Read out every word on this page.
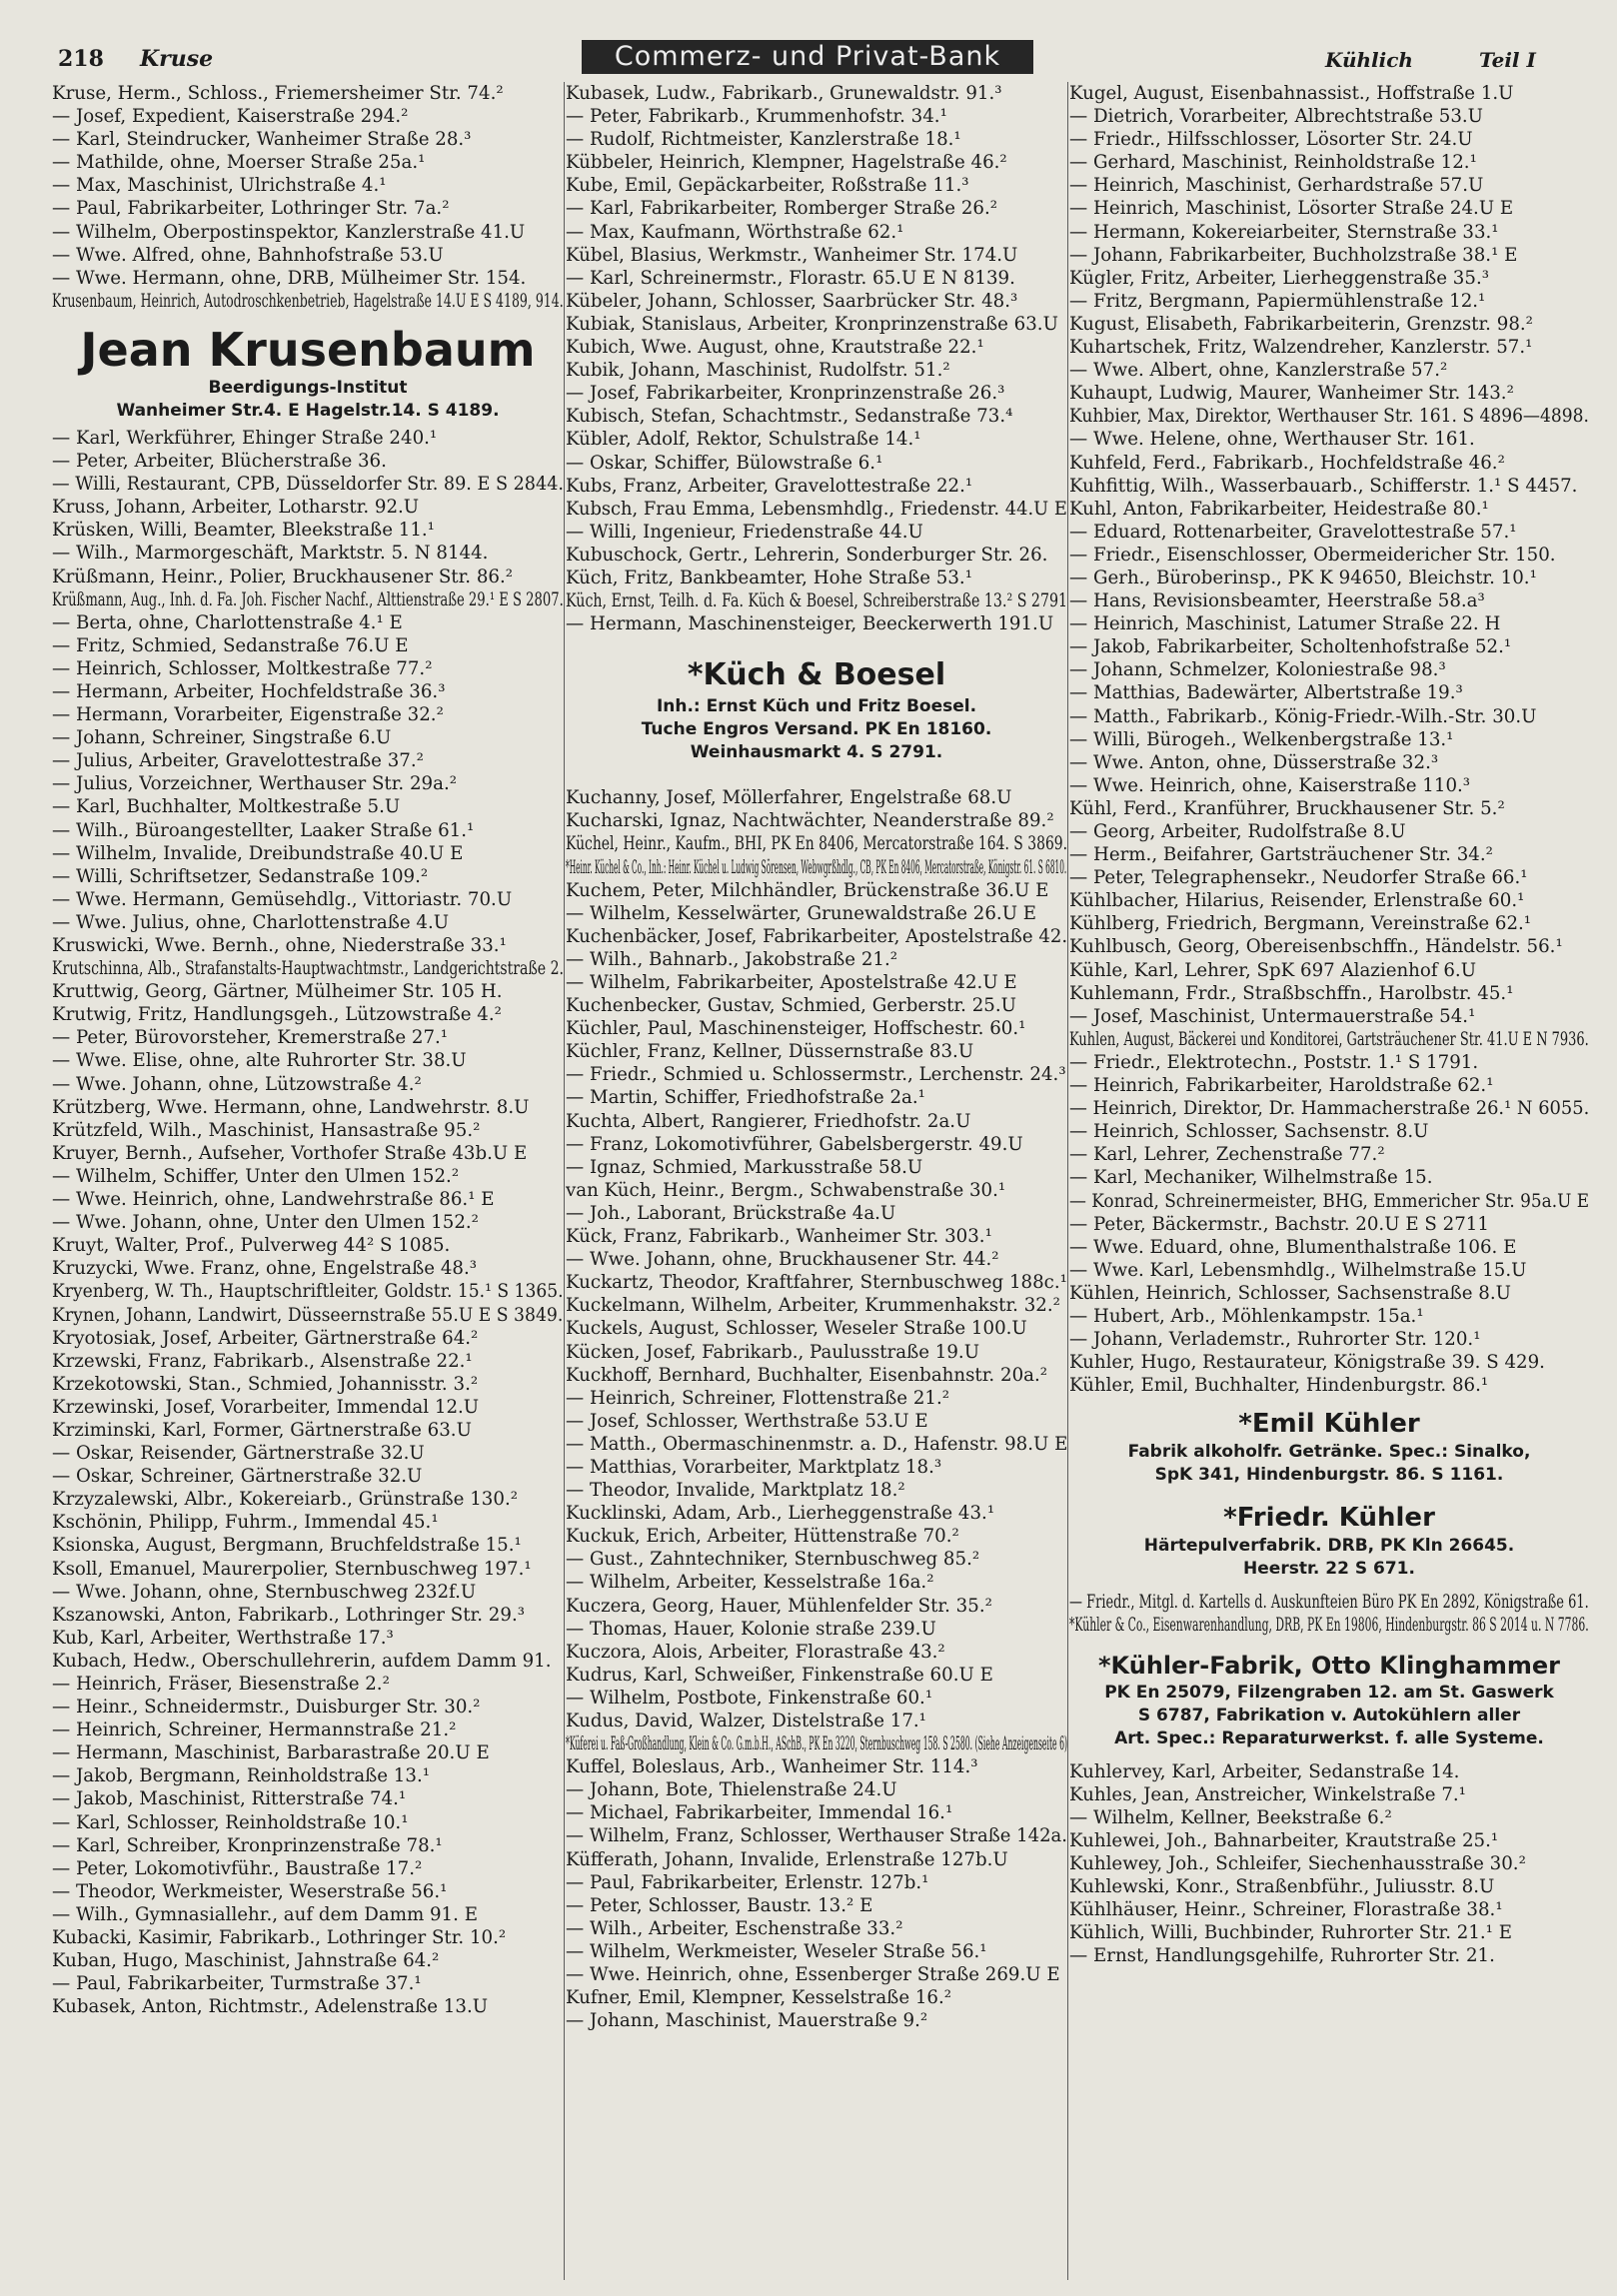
218 Kruse	Commerz- und Privat-Bank	Kühlich	Teil I
Kruse, Herm., Schloss., Friemersheimer Str. 74.²
— Josef, Expedient, Kaiserstraße 294.²
— Karl, Steindrucker, Wanheimer Straße 28.³
— Mathilde, ohne, Moerser Straße 25a.¹
— Max, Maschinist, Ulrichstraße 4.¹
— Paul, Fabrikarbeiter, Lothringer Str. 7a.²
— Wilhelm, Oberpostinspektor, Kanzlerstraße 41.U
— Wwe. Alfred, ohne, Bahnhofstraße 53.U
— Wwe. Hermann, ohne, DRB, Mülheimer Str. 154.
Krusenbaum, Heinrich, Autodroschkenbetrieb, Hagelstraße 14.U E S 4189, 914.
Jean Krusenbaum
Beerdigungs-Institut
Wanheimer Str.4. E Hagelstr.14. S 4189.
— Karl, Werkführer, Ehinger Straße 240.¹
— Peter, Arbeiter, Blücherstraße 36.
— Willi, Restaurant, CPB, Düsseldorfer Str. 89. E S 2844.
Kruss, Johann, Arbeiter, Lotharstr. 92.U
Krüsken, Willi, Beamter, Bleekstraße 11.¹
— Wilh., Marmorgeschäft, Marktstr. 5. N 8144.
Krüßmann, Heinr., Polier, Bruckhausener Str. 86.²
Krüßmann, Aug., Inh. d. Fa. Joh. Fischer Nachf., Alttienstraße 29.¹ E S 2807.
— Berta, ohne, Charlottenstraße 4.¹ E
— Fritz, Schmied, Sedanstraße 76.U E
— Heinrich, Schlosser, Moltkestraße 77.²
— Hermann, Arbeiter, Hochfeldstraße 36.³
— Hermann, Vorarbeiter, Eigenstraße 32.²
— Johann, Schreiner, Singstraße 6.U
— Julius, Arbeiter, Gravelottestraße 37.²
— Julius, Vorzeichner, Werthauser Str. 29a.²
— Karl, Buchhalter, Moltkestraße 5.U
— Wilh., Büroangestellter, Laaker Straße 61.¹
— Wilhelm, Invalide, Dreibundstraße 40.U E
— Willi, Schriftsetzer, Sedanstraße 109.²
— Wwe. Hermann, Gemüsehdlg., Vittoriastr. 70.U
— Wwe. Julius, ohne, Charlottenstraße 4.U
Kruswicki, Wwe. Bernh., ohne, Niederstraße 33.¹
Krutschinna, Alb., Strafanstalts-Hauptwachtmstr., Landgerichtstraße 2.
Kruttwig, Georg, Gärtner, Mülheimer Str. 105 H.
Krutwig, Fritz, Handlungsgeh., Lützowstraße 4.²
— Peter, Bürovorsteher, Kremerstraße 27.¹
— Wwe. Elise, ohne, alte Ruhrorter Str. 38.U
— Wwe. Johann, ohne, Lützowstraße 4.²
Krützberg, Wwe. Hermann, ohne, Landwehrstr. 8.U
Krützfeld, Wilh., Maschinist, Hansastraße 95.²
Kruyer, Bernh., Aufseher, Vorthofer Straße 43b.U E
— Wilhelm, Schiffer, Unter den Ulmen 152.²
— Wwe. Heinrich, ohne, Landwehrstraße 86.¹ E
— Wwe. Johann, ohne, Unter den Ulmen 152.²
Kruyt, Walter, Prof., Pulverweg 44² S 1085.
Kruzycki, Wwe. Franz, ohne, Engelstraße 48.³
Kryenberg, W. Th., Hauptschriftleiter, Goldstr. 15.¹ S 1365.
Krynen, Johann, Landwirt, Düsseernstraße 55.U E S 3849.
Kryotosiak, Josef, Arbeiter, Gärtnerstraße 64.²
Krzewski, Franz, Fabrikarb., Alsenstraße 22.¹
Krzekotowski, Stan., Schmied, Johannisstr. 3.²
Krzewinski, Josef, Vorarbeiter, Immendal 12.U
Krziminski, Karl, Former, Gärtnerstraße 63.U
— Oskar, Reisender, Gärtnerstraße 32.U
— Oskar, Schreiner, Gärtnerstraße 32.U
Krzyzalewski, Albr., Kokereiarb., Grünstraße 130.²
Kschönin, Philipp, Fuhrm., Immendal 45.¹
Ksionska, August, Bergmann, Bruchfeldstraße 15.¹
Ksoll, Emanuel, Maurerpolier, Sternbuschweg 197.¹
— Wwe. Johann, ohne, Sternbuschweg 232f.U
Kszanowski, Anton, Fabrikarb., Lothringer Str. 29.³
Kub, Karl, Arbeiter, Werthstraße 17.³
Kubach, Hedw., Oberschullehrerin, aufdem Damm 91.
— Heinrich, Fräser, Biesenstraße 2.²
— Heinr., Schneidermstr., Duisburger Str. 30.²
— Heinrich, Schreiner, Hermannstraße 21.²
— Hermann, Maschinist, Barbarastraße 20.U E
— Jakob, Bergmann, Reinholdstraße 13.¹
— Jakob, Maschinist, Ritterstraße 74.¹
— Karl, Schlosser, Reinholdstraße 10.¹
— Karl, Schreiber, Kronprinzenstraße 78.¹
— Peter, Lokomotivführ., Baustraße 17.²
— Theodor, Werkmeister, Weserstraße 56.¹
— Wilh., Gymnasiallehr., auf dem Damm 91. E
Kubacki, Kasimir, Fabrikarb., Lothringer Str. 10.²
Kuban, Hugo, Maschinist, Jahnstraße 64.²
— Paul, Fabrikarbeiter, Turmstraße 37.¹
Kubasek, Anton, Richtmstr., Adelenstraße 13.U
Kubasek, Ludw., Fabrikarb., Grunewaldstr. 91.³
— Peter, Fabrikarb., Krummenhofstr. 34.¹
— Rudolf, Richtmeister, Kanzlerstraße 18.¹
Kübbeler, Heinrich, Klempner, Hagelstraße 46.²
Kube, Emil, Gepäckarbeiter, Roßstraße 11.³
— Karl, Fabrikarbeiter, Romberger Straße 26.²
— Max, Kaufmann, Wörthstraße 62.¹
Kübel, Blasius, Werkmstr., Wanheimer Str. 174.U
— Karl, Schreinermstr., Florastr. 65.U E N 8139.
Kübeler, Johann, Schlosser, Saarbrücker Str. 48.³
Kubiak, Stanislaus, Arbeiter, Kronprinzenstraße 63.U
Kubich, Wwe. August, ohne, Krautstraße 22.¹
Kubik, Johann, Maschinist, Rudolfstr. 51.²
— Josef, Fabrikarbeiter, Kronprinzenstraße 26.³
Kubisch, Stefan, Schachtmstr., Sedanstraße 73.⁴
Kübler, Adolf, Rektor, Schulstraße 14.¹
— Oskar, Schiffer, Bülowstraße 6.¹
Kubs, Franz, Arbeiter, Gravelottestraße 22.¹
Kubsch, Frau Emma, Lebensmhdlg., Friedenstr. 44.U E
— Willi, Ingenieur, Friedenstraße 44.U
Kubuschock, Gertr., Lehrerin, Sonderburger Str. 26.
Küch, Fritz, Bankbeamter, Hohe Straße 53.¹
Küch, Ernst, Teilh. d. Fa. Küch & Boesel, Schreiberstraße 13.² S 2791
— Hermann, Maschinensteiger, Beeckerwerth 191.U
*Küch & Boesel
Inh.: Ernst Küch und Fritz Boesel.
Tuche Engros Versand. PK En 18160.
Weinhausmarkt 4. S 2791.
Kuchanny, Josef, Möllerfahrer, Engelstraße 68.U
Kucharski, Ignaz, Nachtwächter, Neanderstraße 89.²
Küchel, Heinr., Kaufm., BHI, PK En 8406, Mercatorstraße 164. S 3869.
*Heinr. Küchel & Co., Inh.: Heinr. Küchel u. Ludwig Sörensen, Webwgrßhdlg., CB, PK En 8406, Mercatorstraße, Königstr. 61. S 6810.
Kuchem, Peter, Milchhändler, Brückenstraße 36.U E
— Wilhelm, Kesselwärter, Grunewaldstraße 26.U E
Kuchenbäcker, Josef, Fabrikarbeiter, Apostelstraße 42.
— Wilh., Bahnarb., Jakobstraße 21.²
— Wilhelm, Fabrikarbeiter, Apostelstraße 42.U E
Kuchenbecker, Gustav, Schmied, Gerberstr. 25.U
Küchler, Paul, Maschinensteiger, Hoffschestr. 60.¹
Küchler, Franz, Kellner, Düssernstraße 83.U
— Friedr., Schmied u. Schlossermstr., Lerchenstr. 24.³
— Martin, Schiffer, Friedhofstraße 2a.¹
Kuchta, Albert, Rangierer, Friedhofstr. 2a.U
— Franz, Lokomotivführer, Gabelsbergerstr. 49.U
— Ignaz, Schmied, Markusstraße 58.U
van Küch, Heinr., Bergm., Schwabenstraße 30.¹
— Joh., Laborant, Brückstraße 4a.U
Kück, Franz, Fabrikarb., Wanheimer Str. 303.¹
— Wwe. Johann, ohne, Bruckhausener Str. 44.²
Kuckartz, Theodor, Kraftfahrer, Sternbuschweg 188c.¹
Kuckelmann, Wilhelm, Arbeiter, Krummenhakstr. 32.²
Kuckels, August, Schlosser, Weseler Straße 100.U
Kücken, Josef, Fabrikarb., Paulusstraße 19.U
Kuckhoff, Bernhard, Buchhalter, Eisenbahnstr. 20a.²
— Heinrich, Schreiner, Flottenstraße 21.²
— Josef, Schlosser, Werthstraße 53.U E
— Matth., Obermaschinenmstr. a. D., Hafenstr. 98.U E
— Matthias, Vorarbeiter, Marktplatz 18.³
— Theodor, Invalide, Marktplatz 18.²
Kucklinski, Adam, Arb., Lierheggenstraße 43.¹
Kuckuk, Erich, Arbeiter, Hüttenstraße 70.²
— Gust., Zahntechniker, Sternbuschweg 85.²
— Wilhelm, Arbeiter, Kesselstraße 16a.²
Kuczera, Georg, Hauer, Mühlenfelder Str. 35.²
— Thomas, Hauer, Kolonie straße 239.U
Kuczora, Alois, Arbeiter, Florastraße 43.²
Kudrus, Karl, Schweißer, Finkenstraße 60.U E
— Wilhelm, Postbote, Finkenstraße 60.¹
Kudus, David, Walzer, Distelstraße 17.¹
*Küferei u. Faß-Großhandlung, Klein & Co. G.m.b.H., ASchB., PK En 3220, Sternbuschweg 158. S 2580. (Siehe Anzeigenseite 6)
Kuffel, Boleslaus, Arb., Wanheimer Str. 114.³
— Johann, Bote, Thielenstraße 24.U
— Michael, Fabrikarbeiter, Immendal 16.¹
— Wilhelm, Franz, Schlosser, Werthauser Straße 142a.
Küfferath, Johann, Invalide, Erlenstraße 127b.U
— Paul, Fabrikarbeiter, Erlenstr. 127b.¹
— Peter, Schlosser, Baustr. 13.² E
— Wilh., Arbeiter, Eschenstraße 33.²
— Wilhelm, Werkmeister, Weseler Straße 56.¹
— Wwe. Heinrich, ohne, Essenberger Straße 269.U E
Kufner, Emil, Klempner, Kesselstraße 16.²
— Johann, Maschinist, Mauerstraße 9.²
Kugel, August, Eisenbahnassist., Hoffstraße 1.U
— Dietrich, Vorarbeiter, Albrechtstraße 53.U
— Friedr., Hilfsschlosser, Lösorter Str. 24.U
— Gerhard, Maschinist, Reinholdstraße 12.¹
— Heinrich, Maschinist, Gerhardstraße 57.U
— Heinrich, Maschinist, Lösorter Straße 24.U E
— Hermann, Kokereiarbeiter, Sternstraße 33.¹
— Johann, Fabrikarbeiter, Buchholzstraße 38.¹ E
Kügler, Fritz, Arbeiter, Lierheggenstraße 35.³
— Fritz, Bergmann, Papiermühlenstraße 12.¹
Kugust, Elisabeth, Fabrikarbeiterin, Grenzstr. 98.²
Kuhartschek, Fritz, Walzendreher, Kanzlerstr. 57.¹
— Wwe. Albert, ohne, Kanzlerstraße 57.²
Kuhaupt, Ludwig, Maurer, Wanheimer Str. 143.²
Kuhbier, Max, Direktor, Werthauser Str. 161. S 4896—4898.
— Wwe. Helene, ohne, Werthauser Str. 161.
Kuhfeld, Ferd., Fabrikarb., Hochfeldstraße 46.²
Kuhfittig, Wilh., Wasserbauarb., Schifferstr. 1.¹ S 4457.
Kuhl, Anton, Fabrikarbeiter, Heidestraße 80.¹
— Eduard, Rottenarbeiter, Gravelottestraße 57.¹
— Friedr., Eisenschlosser, Obermeidericher Str. 150.
— Gerh., Büroberinsp., PK K 94650, Bleichstr. 10.¹
— Hans, Revisionsbeamter, Heerstraße 58.a³
— Heinrich, Maschinist, Latumer Straße 22. H
— Jakob, Fabrikarbeiter, Scholtenhofstraße 52.¹
— Johann, Schmelzer, Koloniestraße 98.³
— Matthias, Badewärter, Albertstraße 19.³
— Matth., Fabrikarb., König-Friedr.-Wilh.-Str. 30.U
— Willi, Bürogeh., Welkenbergstraße 13.¹
— Wwe. Anton, ohne, Düsserstraße 32.³
— Wwe. Heinrich, ohne, Kaiserstraße 110.³
Kühl, Ferd., Kranführer, Bruckhausener Str. 5.²
— Georg, Arbeiter, Rudolfstraße 8.U
— Herm., Beifahrer, Gartsträuchener Str. 34.²
— Peter, Telegraphensekr., Neudorfer Straße 66.¹
Kühlbacher, Hilarius, Reisender, Erlenstraße 60.¹
Kühlberg, Friedrich, Bergmann, Vereinstraße 62.¹
Kuhlbusch, Georg, Obereisenbschffn., Händelstr. 56.¹
Kühle, Karl, Lehrer, SpK 697 Alazienhof 6.U
Kuhlemann, Frdr., Straßbschffn., Harolbstr. 45.¹
— Josef, Maschinist, Untermauerstraße 54.¹
Kuhlen, August, Bäckerei und Konditorei, Gartsträuchener Str. 41.U E N 7936.
— Friedr., Elektrotechn., Poststr. 1.¹ S 1791.
— Heinrich, Fabrikarbeiter, Haroldstraße 62.¹
— Heinrich, Direktor, Dr. Hammacherstraße 26.¹ N 6055.
— Heinrich, Schlosser, Sachsenstr. 8.U
— Karl, Lehrer, Zechenstraße 77.²
— Karl, Mechaniker, Wilhelmstraße 15.
— Konrad, Schreinermeister, BHG, Emmericher Str. 95a.U E
— Peter, Bäckermstr., Bachstr. 20.U E S 2711
— Wwe. Eduard, ohne, Blumenthalstraße 106. E
— Wwe. Karl, Lebensmhdlg., Wilhelmstraße 15.U
Kühlen, Heinrich, Schlosser, Sachsenstraße 8.U
— Hubert, Arb., Möhlenkampstr. 15a.¹
— Johann, Verlademstr., Ruhrorter Str. 120.¹
Kuhler, Hugo, Restaurateur, Königstraße 39. S 429.
Kühler, Emil, Buchhalter, Hindenburgstr. 86.¹
*Emil Kühler
Fabrik alkoholfr. Getränke. Spec.: Sinalko,
SpK 341, Hindenburgstr. 86. S 1161.
*Friedr. Kühler
Härtepulverfabrik. DRB, PK Kln 26645.
Heerstr. 22 S 671.
— Friedr., Mitgl. d. Kartells d. Auskunfteien Büro PK En 2892, Königstraße 61.
*Kühler & Co., Eisenwarenhandlung, DRB, PK En 19806, Hindenburgstr. 86 S 2014 u. N 7786.
*Kühler-Fabrik, Otto Klinghammer
PK En 25079, Filzengraben 12. am St. Gaswerk
S 6787, Fabrikation v. Autokühlern aller
Art. Spec.: Reparaturwerkst. f. alle Systeme.
Kuhlervey, Karl, Arbeiter, Sedanstraße 14.
Kuhles, Jean, Anstreicher, Winkelstraße 7.¹
— Wilhelm, Kellner, Beekstraße 6.²
Kuhlewei, Joh., Bahnarbeiter, Krautstraße 25.¹
Kuhlewey, Joh., Schleifer, Siechenhausstraße 30.²
Kuhlewski, Konr., Straßenbführ., Juliusstr. 8.U
Kühlhäuser, Heinr., Schreiner, Florastraße 38.¹
Kühlich, Willi, Buchbinder, Ruhrorter Str. 21.¹ E
— Ernst, Handlungsgehilfe, Ruhrorter Str. 21.
